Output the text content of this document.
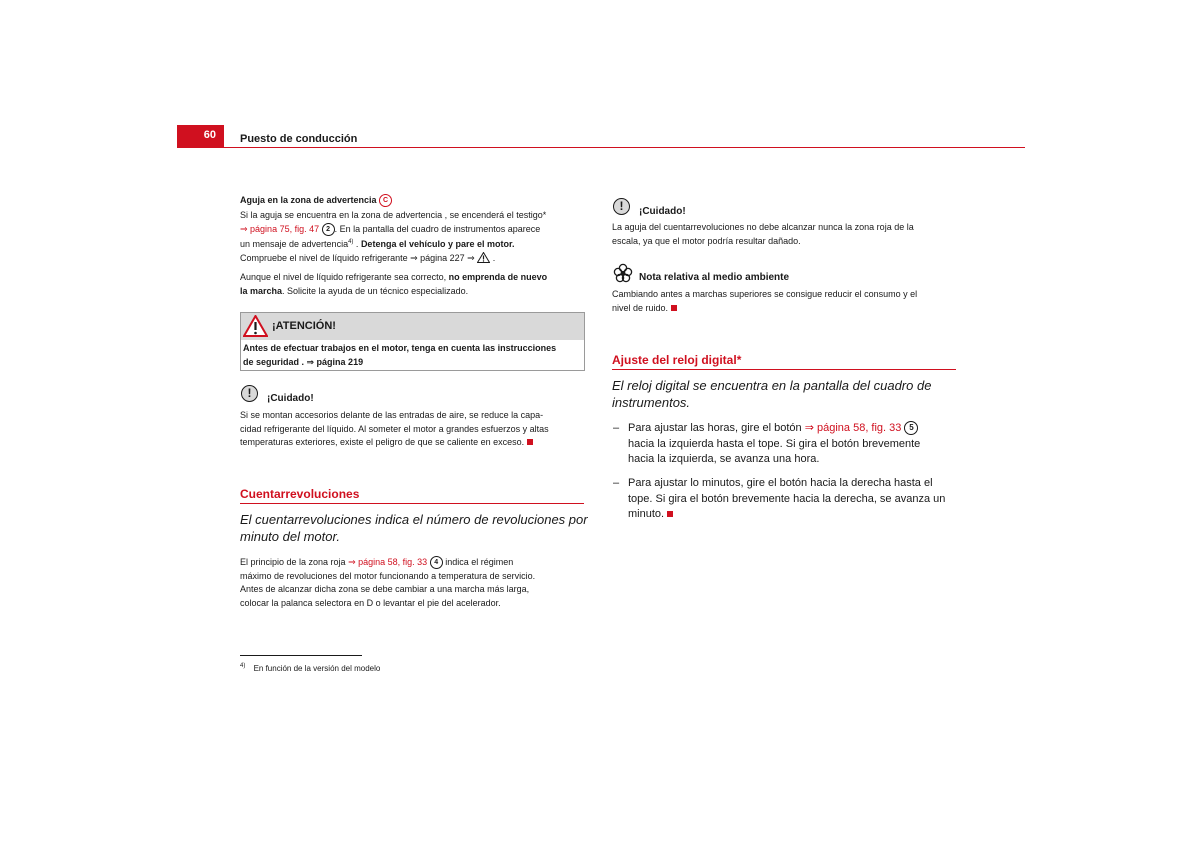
60 Puesto de conducción
Aguja en la zona de advertencia C
Si la aguja se encuentra en la zona de advertencia , se encenderá el testigo*
⇒ página 75, fig. 47 2 . En la pantalla del cuadro de instrumentos aparece
un mensaje de advertencia$^{4)}$ . Detenga el vehículo y pare el motor.
Compruebe el nivel de líquido refrigerante ⇒ página 227 ⇒ .
Aunque el nivel de líquido refrigerante sea correcto, no emprenda de nuevo
la marcha. Solicite la ayuda de un técnico especializado.
¡ATENCIÓN!
Antes de efectuar trabajos en el motor, tenga en cuenta las instrucciones
de seguridad . ⇒ página 219
!	¡Cuidado!
Si se montan accesorios delante de las entradas de aire, se reduce la capa-
cidad refrigerante del líquido. Al someter el motor a grandes esfuerzos y altas
temperaturas exteriores, existe el peligro de que se caliente en exceso.
Cuentarrevoluciones
El cuentarrevoluciones indica el número de revoluciones por
minuto del motor.
El principio de la zona roja ⇒ página 58, fig. 33 4 indica el régimen
máximo de revoluciones del motor funcionando a temperatura de servicio.
Antes de alcanzar dicha zona se debe cambiar a una marcha más larga,
colocar la palanca selectora en D o levantar el pie del acelerador.
$^{4)}$ En función de la versión del modelo
!	¡Cuidado!
La aguja del cuentarrevoluciones no debe alcanzar nunca la zona roja de la
escala, ya que el motor podría resultar dañado.
Nota relativa al medio ambiente
Cambiando antes a marchas superiores se consigue reducir el consumo y el
nivel de ruido.
Ajuste del reloj digital*
El reloj digital se encuentra en la pantalla del cuadro de
instrumentos.
– Para ajustar las horas, gire el botón ⇒ página 58, fig. 33 5
hacia la izquierda hasta el tope. Si gira el botón brevemente
hacia la izquierda, se avanza una hora.
– Para ajustar lo minutos, gire el botón hacia la derecha hasta el
tope. Si gira el botón brevemente hacia la derecha, se avanza un
minuto.
